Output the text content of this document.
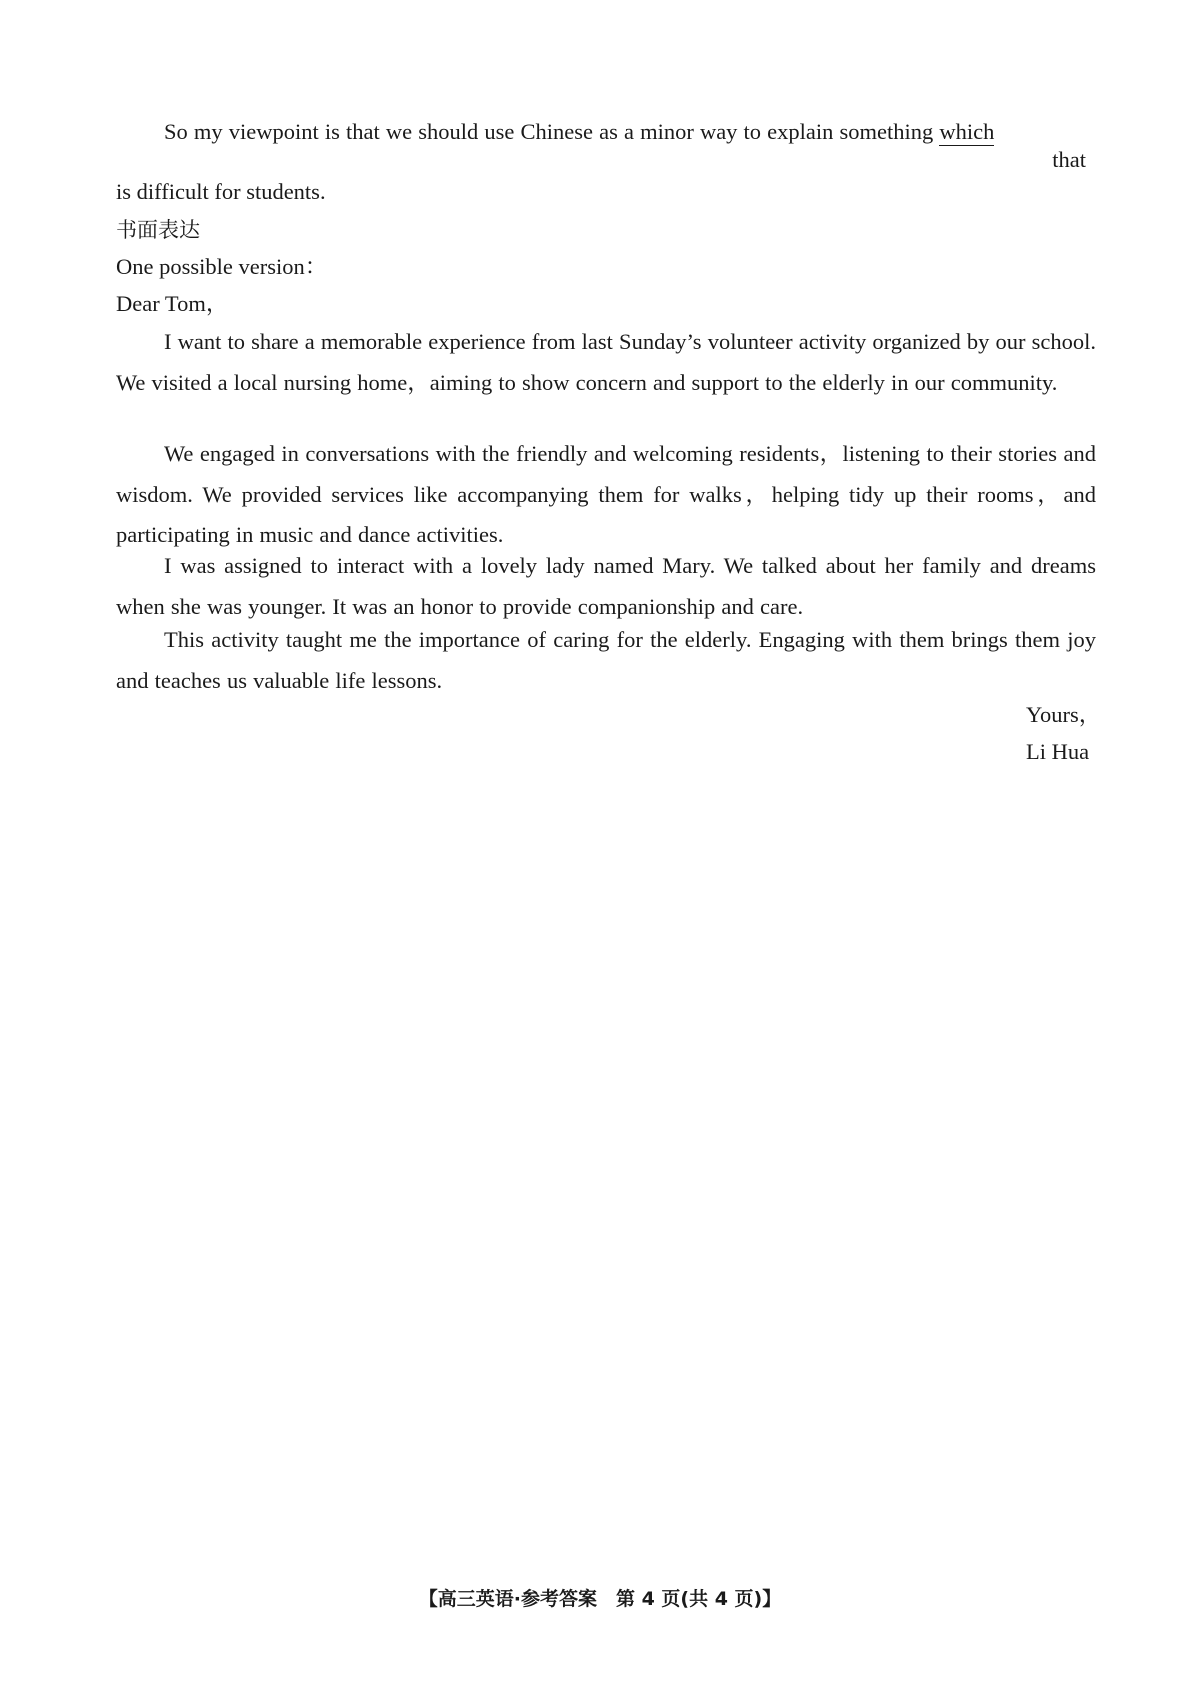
So my viewpoint is that we should use Chinese as a minor way to explain something which
that
is difficult for students.
书面表达
One possible version：
Dear Tom，
I want to share a memorable experience from last Sunday’s volunteer activity organized by our school. We visited a local nursing home，aiming to show concern and support to the elderly in our community.
We engaged in conversations with the friendly and welcoming residents，listening to their stories and wisdom. We provided services like accompanying them for walks，helping tidy up their rooms，and participating in music and dance activities.
I was assigned to interact with a lovely lady named Mary. We talked about her family and dreams when she was younger. It was an honor to provide companionship and care.
This activity taught me the importance of caring for the elderly. Engaging with them brings them joy and teaches us valuable life lessons.
Yours，
Li Hua
【高三英语·参考答案　第 4 页(共 4 页)】
